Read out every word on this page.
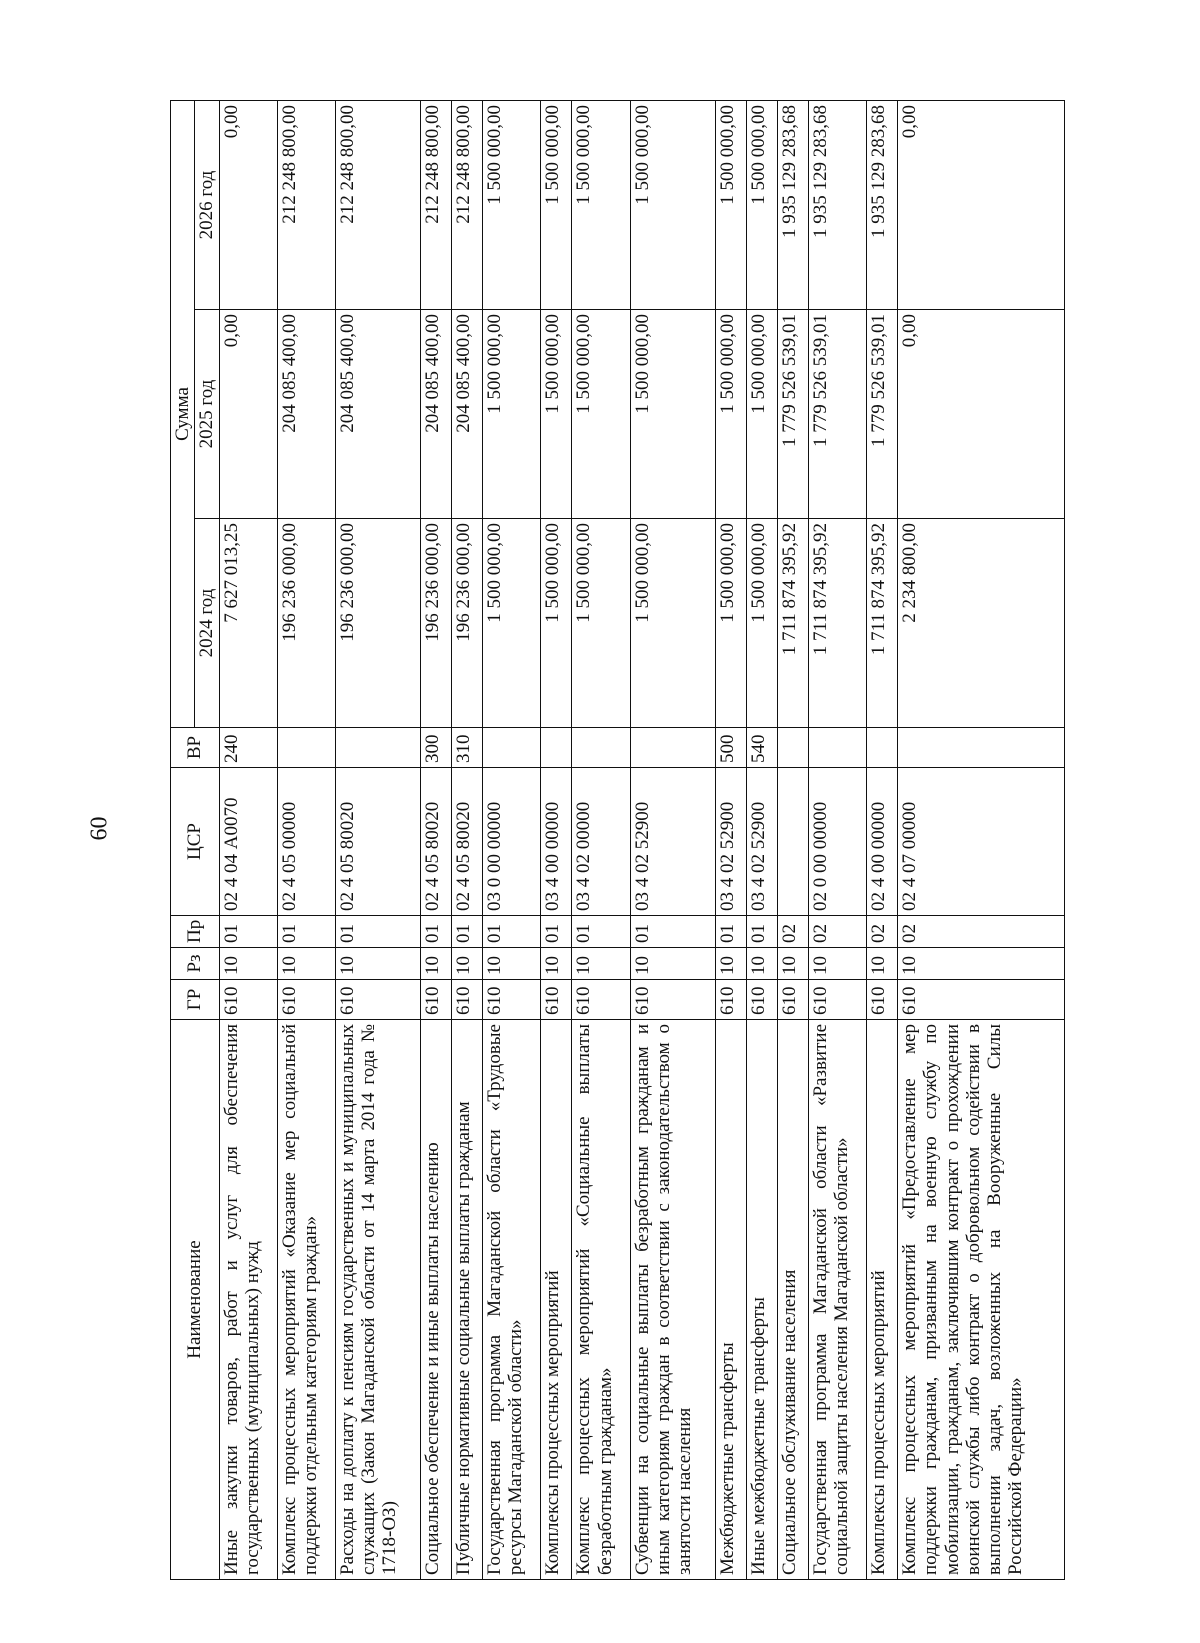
60
Наименование	ГР	Рз	Пр	ЦСР	ВР	Сумма		
						2024 год	2025 год	2026 год
Иные закупки товаров, работ и услуг для обеспечения государственных (муниципальных) нужд	610	10	01	02 4 04 А0070	240	7 627 013,25	0,00	0,00
Комплекс процессных мероприятий «Оказание мер социальной поддержки отдельным категориям граждан»	610	10	01	02 4 05 00000		196 236 000,00	204 085 400,00	212 248 800,00
Расходы на доплату к пенсиям государственных и муниципальных служащих (Закон Магаданской области от 14 марта 2014 года № 1718-ОЗ)	610	10	01	02 4 05 80020		196 236 000,00	204 085 400,00	212 248 800,00
Социальное обеспечение и иные выплаты населению	610	10	01	02 4 05 80020	300	196 236 000,00	204 085 400,00	212 248 800,00
Публичные нормативные социальные выплаты гражданам	610	10	01	02 4 05 80020	310	196 236 000,00	204 085 400,00	212 248 800,00
Государственная программа Магаданской области «Трудовые ресурсы Магаданской области»	610	10	01	03 0 00 00000		1 500 000,00	1 500 000,00	1 500 000,00
Комплексы процессных мероприятий	610	10	01	03 4 00 00000		1 500 000,00	1 500 000,00	1 500 000,00
Комплекс процессных мероприятий «Социальные выплаты безработным гражданам»	610	10	01	03 4 02 00000		1 500 000,00	1 500 000,00	1 500 000,00
Субвенции на социальные выплаты безработным гражданам и иным категориям граждан в соответствии с законодательством о занятости населения	610	10	01	03 4 02 52900		1 500 000,00	1 500 000,00	1 500 000,00
Межбюджетные трансферты	610	10	01	03 4 02 52900	500	1 500 000,00	1 500 000,00	1 500 000,00
Иные межбюджетные трансферты	610	10	01	03 4 02 52900	540	1 500 000,00	1 500 000,00	1 500 000,00
Социальное обслуживание населения	610	10	02			1 711 874 395,92	1 779 526 539,01	1 935 129 283,68
Государственная программа Магаданской области «Развитие социальной защиты населения Магаданской области»	610	10	02	02 0 00 00000		1 711 874 395,92	1 779 526 539,01	1 935 129 283,68
Комплексы процессных мероприятий	610	10	02	02 4 00 00000		1 711 874 395,92	1 779 526 539,01	1 935 129 283,68
Комплекс процессных мероприятий «Предоставление мер поддержки гражданам, призванным на военную службу по мобилизации, гражданам, заключившим контракт о прохождении воинской службы либо контракт о добровольном содействии в выполнении задач, возложенных на Вооруженные Силы Российской Федерации»	610	10	02	02 4 07 00000		2 234 800,00	0,00	0,00
